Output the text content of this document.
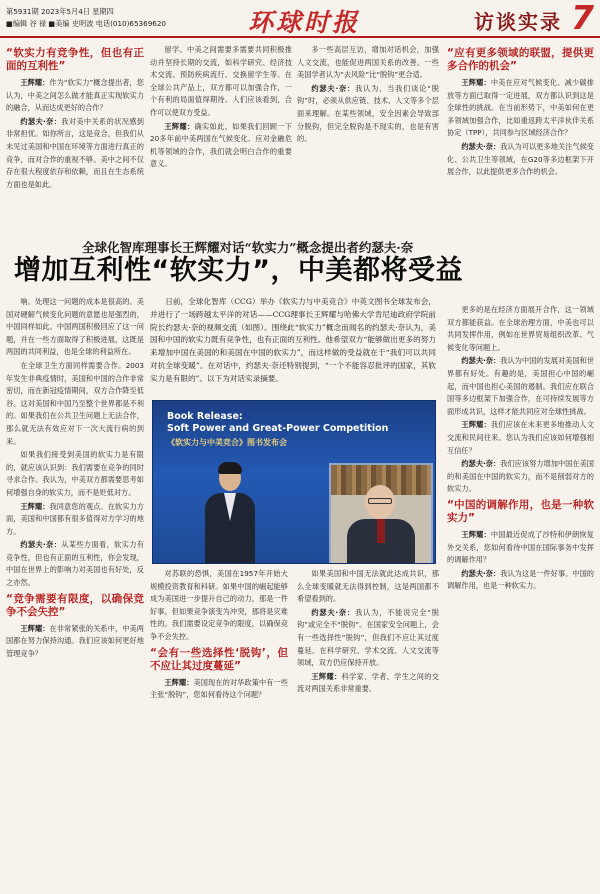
第5931期 2023年5月4日 星期四
■编辑 谷 禄 ■美编 史明波 电话(010)65369620	环球时报	访谈实录 7
“软实力有竞争性，但也有正面的互利性”

王辉耀：作为“软实力”概念提出者，您认为，中美之间怎么做才能真正实现软实力的融合，从而达成更好的合作？

约瑟夫·奈：我对美中关系的状况感到非常担忧。如你所言，这是竞合，但我们从未见过美国和中国在环境等方面进行真正的竞争，而对合作的重视不够。美中之间不仅存在很大程度依存和依赖，而且在生态系统方面也是如此。

留学。中美之间需要多需要共同积极推动并坚持长期的交流，如科学研究、经济技术交流、预防疾病流行、交换留学生等。在全球公共产品上，双方都可以加强合作，一个有利的局面值得期待。人们应该看到，合作可以使双方受益。

王辉耀：确实如此。如果我们回顾一下20多年前中美两国在气候变化、应对金融危机等领域的合作，我们就会明白合作的重要意义。

多一些高层互访，增加对话机会，加强人文交流，也能促进两国关系的改善。一些美国学者认为“去风险”比“脱钩”更合适。

约瑟夫·奈：我认为，当我们谈论“脱钩”时，必须从供应链、技术、人文等多个层面来理解。在某些领域，安全因素会导致部分脱钩，但完全脱钩是不现实的，也是有害的。

“应有更多领域的联盟，提供更多合作的机会”

王辉耀：中美在应对气候变化、减少碳排放等方面已取得一定进展，双方都认识到这是全球性的挑战。在当前形势下，中美如何在更多领域加强合作，比如重返跨太平洋伙伴关系协定（TPP），共同参与区域经济合作？

约瑟夫·奈：我认为可以更多地关注气候变化、公共卫生等领域，在G20等多边框架下开展合作，以此提供更多合作的机会。

全球化智库理事长王辉耀对话“软实力”概念提出者约瑟夫·奈
增加互利性“软实力”，中美都将受益

响。处理这一问题的成本是很高的。美国对硬解气候变化问题的意愿也是强烈的，中国同样如此。中国两国积极回应了这一问题，并在一些方面取得了积极进展，这既是两国的共同利益，也是全球的利益所在。

在全球卫生方面同样需要合作。2003年发生非典疫情时，美国和中国的合作非常密切，而在新冠疫情期间，双方合作降至低谷。这对美国和中国乃至整个世界都是不利的。如果我们在公共卫生问题上无法合作，那么就无法有效应对下一次大流行病的到来。

如果我们接受到美国的软实力是有限的，就应该认识到：我们需要在竞争的同时寻求合作。我认为，中美双方都需要思考如何增强自身的软实力，而不是贬低对方。

王辉耀：我同意您的观点。在软实力方面，美国和中国都有很多值得对方学习的地方。

约瑟夫·奈：从某些方面看，软实力有竞争性，但也有正面的互利性，你会发现，中国在世界上的影响力对美国也有好处，反之亦然。

“竞争需要有限度，以确保竞争不会失控”

王辉耀：在非常紧张的关系中，中美两国都在努力保持沟通。我们应该如何更好地管理竞争？

日前，全球化智库（CCG）举办《软实力与中美竞合》中英文图书全球发布会，并进行了一场跨越太平洋的对话——CCG理事长王辉耀与哈佛大学肯尼迪政府学院前院长约瑟夫·奈的视频交流（如图）。围绕此“软实力”概念而闻名的约瑟夫·奈认为，美国和中国的软实力既有竞争性，也有正面的互利性。他希望双方“能够做出更多的努力来增加中国在美国的和美国在中国的软实力”，而这样做的受益就在于“我们可以共同对抗全球变暖”。在对话中，约瑟夫·奈还特别提到，“一个不能容忍批评的国家，其软实力是有限的”。以下为对话实录摘要。
Book Release:
Soft Power and Great-Power Competition
《软实力与中美竞合》图书发布会

对苏联的恐惧，美国在1957年开始大规模投资教育和科研。如果中国的崛起能够成为美国进一步提升自己的动力，那是一件好事。但如果竞争演变为冲突，那将是灾难性的。我们需要设定竞争的限度，以确保竞争不会失控。

“会有一些选择性‘脱钩’，但不应让其过度蔓延”

王辉耀：美国现在的对华政策中有一些主张“脱钩”，您如何看待这个问题？

如果美国和中国无法就此达成共识，那么全球变暖就无法得到控制，这是两国都不希望看到的。

约瑟夫·奈：我认为，不能说完全“脱钩”或完全不“脱钩”。在国家安全问题上，会有一些选择性“脱钩”，但我们不应让其过度蔓延。在科学研究、学术交流、人文交流等领域，双方仍应保持开放。

王辉耀：科学家、学者、学生之间的交流对两国关系非常重要。

更多的是在经济方面展开合作，这一领域双方都能获益。在全球治理方面，中美也可以共同发挥作用，例如在世界贸易组织改革、气候变化等问题上。

约瑟夫·奈：我认为中国的发展对美国和世界都有好处。有趣的是，美国担心中国的崛起，而中国也担心美国的遏制。我们应在联合国等多边框架下加强合作，在可持续发展等方面形成共识，这样才能共同应对全球性挑战。

王辉耀：我们应该在未来更多地推动人文交流和民间往来。您认为我们应该如何增强相互信任？

约瑟夫·奈：我们应该努力增加中国在美国的和美国在中国的软实力，而不是削弱对方的软实力。

“中国的调解作用，也是一种软实力”

王辉耀：中国最近促成了沙特和伊朗恢复外交关系，您如何看待中国在国际事务中发挥的调解作用？

约瑟夫·奈：我认为这是一件好事。中国的调解作用，也是一种软实力。
